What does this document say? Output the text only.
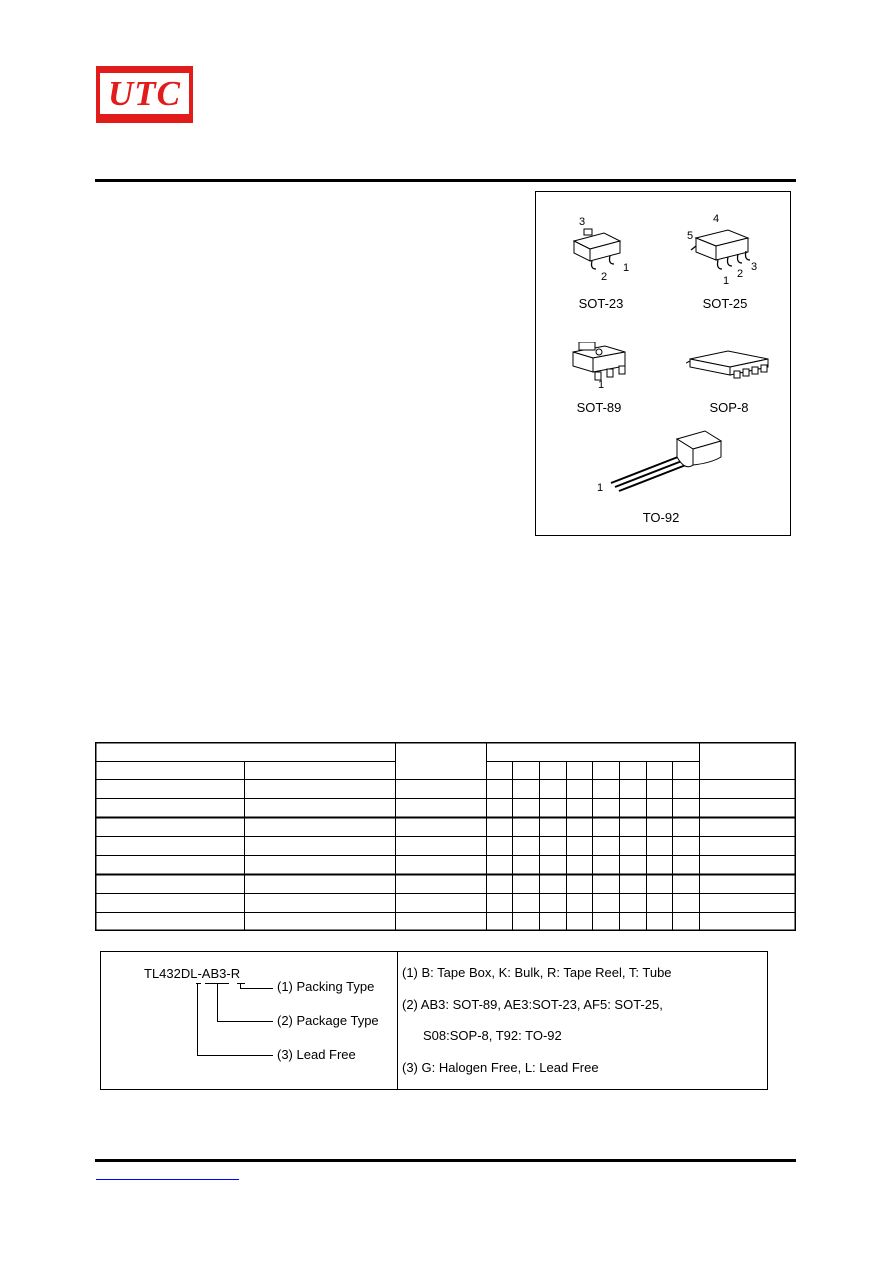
UTC
3
2
1
SOT-23
4
5
1
2
3
SOT-25
1
SOT-89	SOP-8
1
TO-92
TL432DL-AB3-R
(1) Packing Type
(2) Package Type
(3) Lead Free
(1) B: Tape Box, K: Bulk, R: Tape Reel, T: Tube
(2) AB3: SOT-89, AE3:SOT-23, AF5: SOT-25,
S08:SOP-8, T92: TO-92
(3) G: Halogen Free, L: Lead Free
